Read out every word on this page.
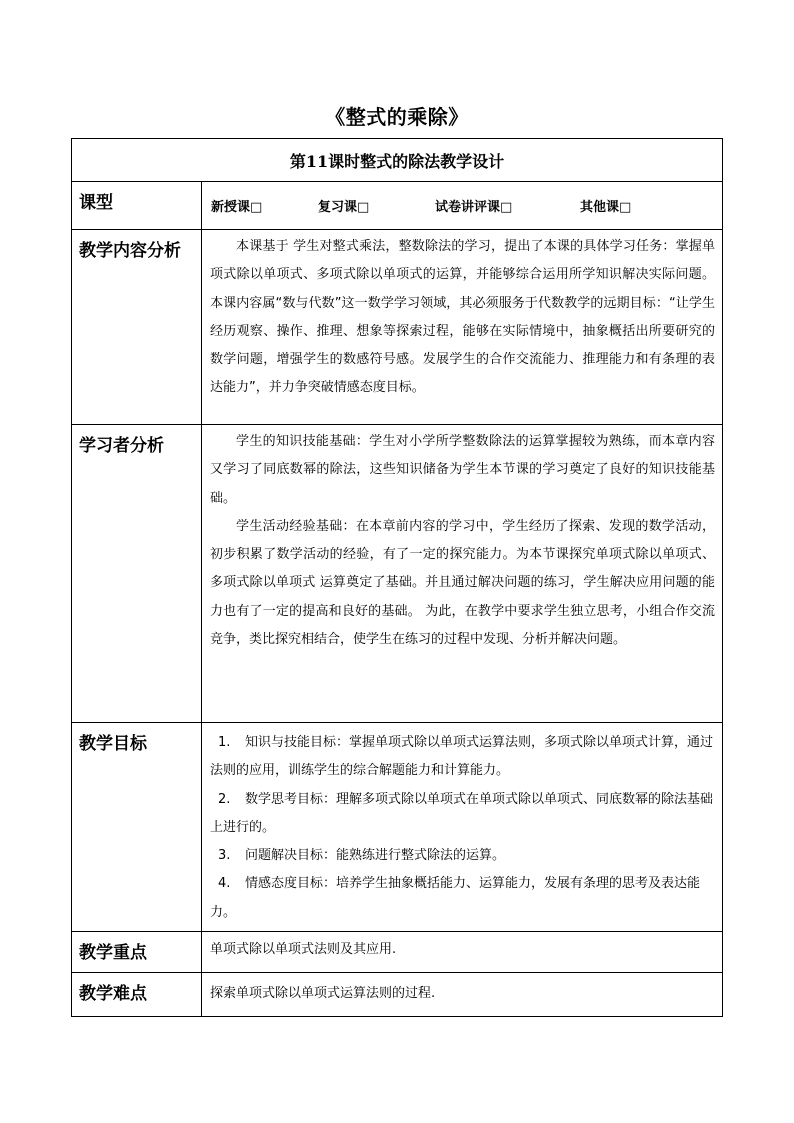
《整式的乘除》
第11课时整式的除法教学设计	
课型	新授课□ 复习课□ 试卷讲评课□ 其他课□
教学内容分析	本课基于 学生对整式乘法，整数除法的学习，提出了本课的具体学习任务：掌握单项式除以单项式、多项式除以单项式的运算，并能够综合运用所学知识解决实际问题。本课内容属“数与代数”这一数学学习领域，其必须服务于代数教学的远期目标：“让学生经历观察、操作、推理、想象等探索过程，能够在实际情境中，抽象概括出所要研究的数学问题，增强学生的数感符号感。发展学生的合作交流能力、推理能力和有条理的表达能力”，并力争突破情感态度目标。

学习者分析	学生的知识技能基础：学生对小学所学整数除法的运算掌握较为熟练，而本章内容又学习了同底数幂的除法，这些知识储备为学生本节课的学习奠定了良好的知识技能基础。

学生活动经验基础：在本章前内容的学习中，学生经历了探索、发现的数学活动，初步积累了数学活动的经验，有了一定的探究能力。为本节课探究单项式除以单项式、多项式除以单项式 运算奠定了基础。并且通过解决问题的练习，学生解决应用问题的能力也有了一定的提高和良好的基础。 为此，在教学中要求学生独立思考，小组合作交流竞争，类比探究相结合，使学生在练习的过程中发现、分析并解决问题。

教学目标	1. 知识与技能目标：掌握单项式除以单项式运算法则，多项式除以单项式计算，通过法则的应用，训练学生的综合解题能力和计算能力。

2. 数学思考目标：理解多项式除以单项式在单项式除以单项式、同底数幂的除法基础上进行的。

3. 问题解决目标：能熟练进行整式除法的运算。

4. 情感态度目标：培养学生抽象概括能力、运算能力，发展有条理的思考及表达能力。

教学重点	单项式除以单项式法则及其应用.
教学难点	探索单项式除以单项式运算法则的过程.
